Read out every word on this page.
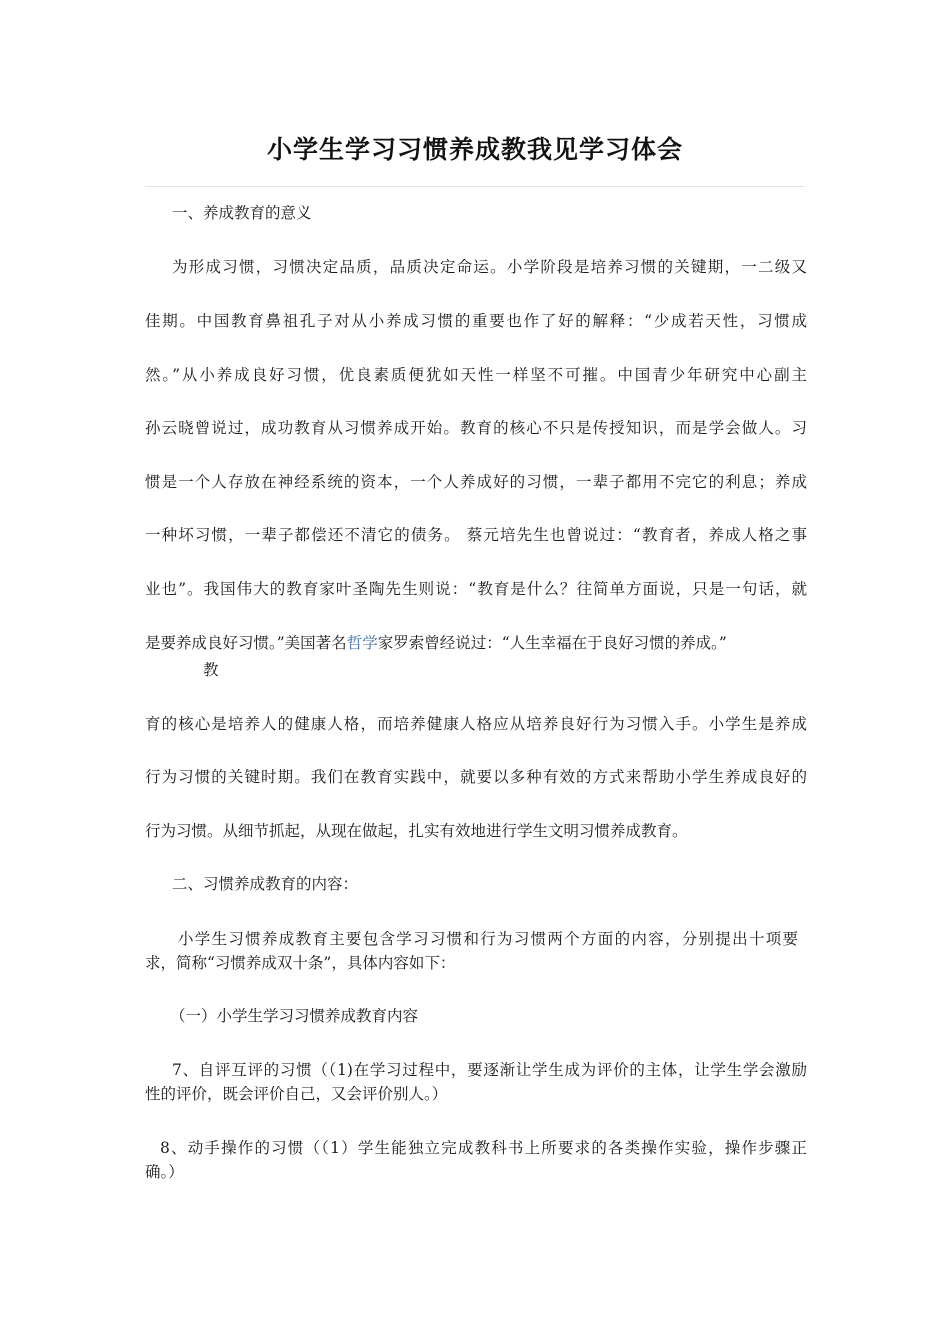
小学生学习习惯养成教我见学习体会
一、养成教育的意义
为形成习惯，习惯决定品质，品质决定命运。小学阶段是培养习惯的关键期，一二级又
佳期。中国教育鼻祖孔子对从小养成习惯的重要也作了好的解释：“少成若天性，习惯成
然。”从小养成良好习惯，优良素质便犹如天性一样坚不可摧。中国青少年研究中心副主
孙云晓曾说过，成功教育从习惯养成开始。教育的核心不只是传授知识，而是学会做人。习
惯是一个人存放在神经系统的资本，一个人养成好的习惯，一辈子都用不完它的利息；养成
一种坏习惯，一辈子都偿还不清它的债务。 蔡元培先生也曾说过：“教育者，养成人格之事
业也”。我国伟大的教育家叶圣陶先生则说：“教育是什么？往简单方面说，只是一句话，就
是要养成良好习惯。”美国著名哲学家罗索曾经说过：“人生幸福在于良好习惯的养成。”
教
育的核心是培养人的健康人格，而培养健康人格应从培养良好行为习惯入手。小学生是养成
行为习惯的关键时期。我们在教育实践中，就要以多种有效的方式来帮助小学生养成良好的
行为习惯。从细节抓起，从现在做起，扎实有效地进行学生文明习惯养成教育。
二、习惯养成教育的内容：
小学生习惯养成教育主要包含学习习惯和行为习惯两个方面的内容，分别提出十项要
求，简称“习惯养成双十条”，具体内容如下：
（一）小学生学习习惯养成教育内容
7、自评互评的习惯（（1)在学习过程中，要逐渐让学生成为评价的主体，让学生学会激励
性的评价，既会评价自己，又会评价别人。）
8、动手操作的习惯（（1）学生能独立完成教科书上所要求的各类操作实验，操作步骤正
确。）
